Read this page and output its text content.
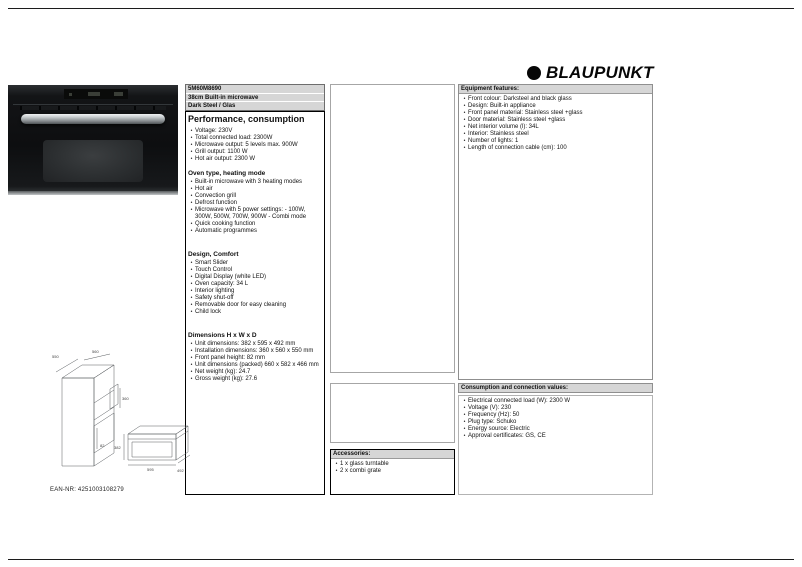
BLAUPUNKT
5M60M8690
38cm Built-in microwave
Dark Steel / Glas
Performance, consumption
• Voltage: 230V
• Total connected load: 2300W
• Microwave output: 5 levels max. 900W
• Grill output: 1100 W
• Hot air output: 2300 W
Oven type, heating mode
• Built-in microwave with 3 heating modes
• Hot air
• Convection grill
• Defrost function
• Microwave with 5 power settings: - 100W, 300W, 500W, 700W, 900W - Combi mode
• Quick cooking function
• Automatic programmes
Design, Comfort
• Smart Slider
• Touch Control
• Digital Display (white LED)
• Oven capacity: 34 L
• Interior lighting
• Safety shut-off
• Removable door for easy cleaning
• Child lock
Dimensions H x W x D
• Unit dimensions: 382 x 595 x 492 mm
• Installation dimensions: 360 x 560 x 550 mm
• Front panel height: 82 mm
• Unit dimensions (packed) 660 x 582 x 466 mm
• Net weight (kg): 24.7
• Gross weight (kg): 27.6
Accessories:
• 1 x glass turntable
• 2 x combi grate
Equipment features:
• Front colour: Darksteel and black glass
• Design: Built-in appliance
• Front panel material: Stainless steel +glass
• Door material: Stainless steel +glass
• Net interior volume (l): 34L
• Interior: Stainless steel
• Number of lights: 1
• Length of connection cable (cm): 100
Consumption and connection values:
• Electrical connected load (W): 2300 W
• Voltage (V): 230
• Frequency (Hz): 50
• Plug type: Schuko
• Energy source: Electric
• Approval certificates: GS, CE
550
560
360
82 382
595	492
EAN-NR: 4251003108279
